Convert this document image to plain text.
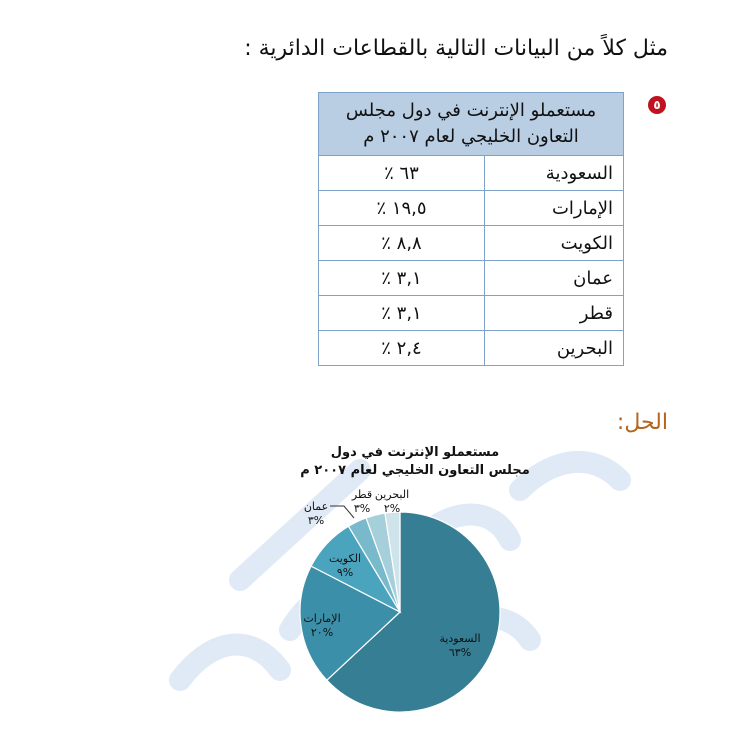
٥
مثل كلاً من البيانات التالية بالقطاعات الدائرية :
مستعملو الإنترنت في دول مجلس التعاون الخليجي لعام ٢٠٠٧ م	
السعودية	٦٣ ٪
الإمارات	١٩,٥ ٪
الكويت	٨,٨ ٪
عمان	٣,١ ٪
قطر	٣,١ ٪
البحرين	٢,٤ ٪
الحل:
مستعملو الإنترنت في دول
مجلس التعاون الخليجي لعام ٢٠٠٧ م
السعودية
%٦٣
الإمارات
%٢٠
الكويت
%٩
عمان
%٣
قطر
%٣
البحرين
%٢
